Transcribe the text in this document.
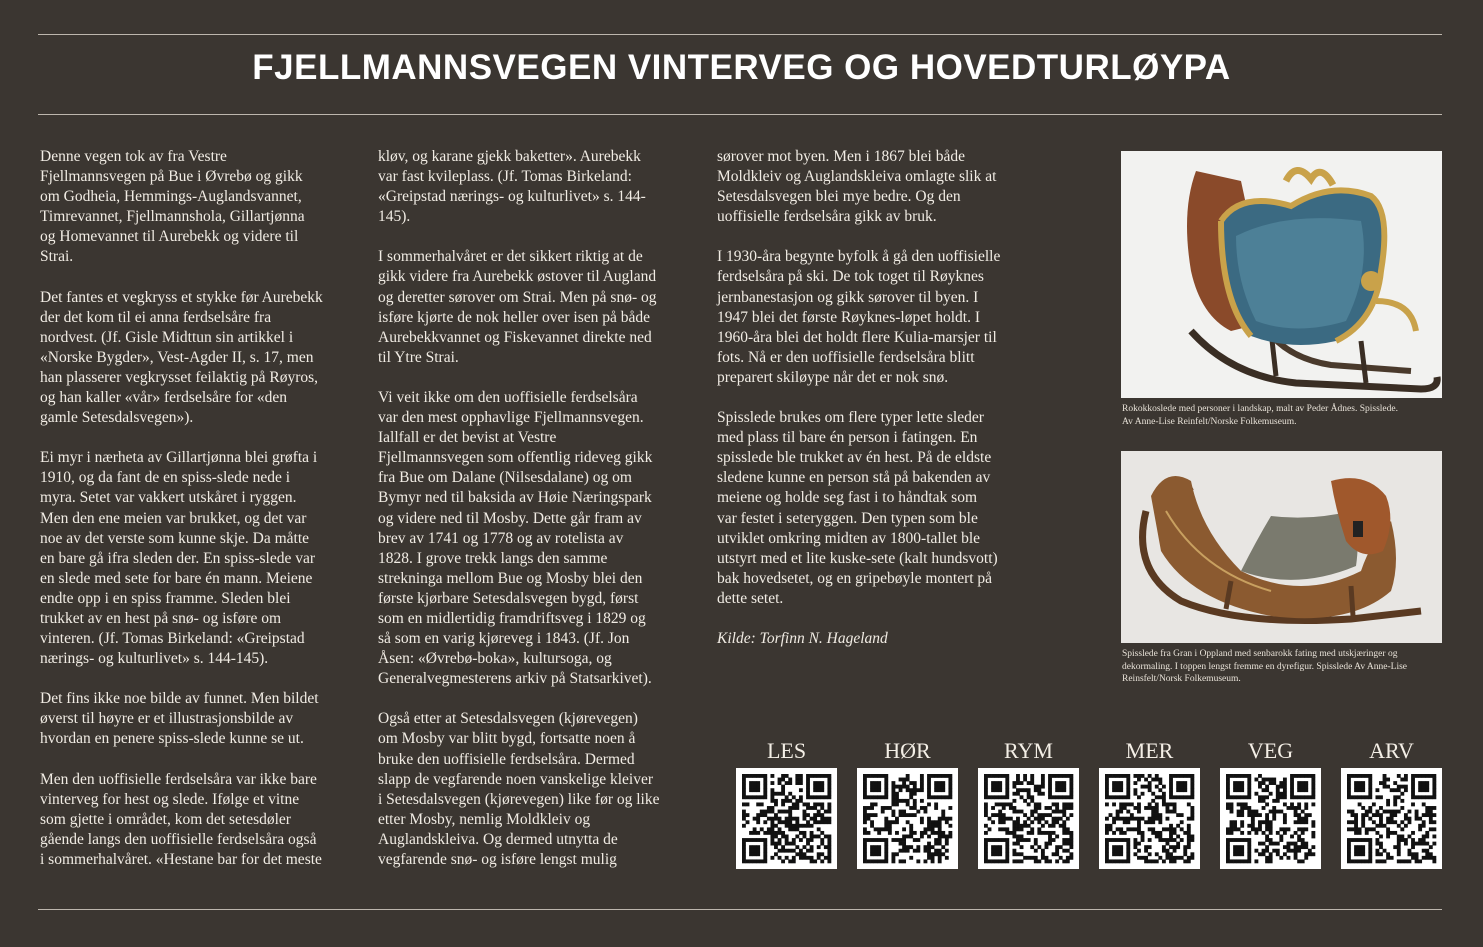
FJELLMANNSVEGEN VINTERVEG OG HOVEDTURLØYPA

Denne vegen tok av fra Vestre
Fjellmannsvegen på Bue i Øvrebø og gikk
om Godheia, Hemmings-Auglandsvannet,
Timrevannet, Fjellmannshola, Gillartjønna
og Homevannet til Aurebekk og videre til
Strai.

Det fantes et vegkryss et stykke før Aurebekk
der det kom til ei anna ferdselsåre fra
nordvest. (Jf. Gisle Midttun sin artikkel i
«Norske Bygder», Vest-Agder II, s. 17, men
han plasserer vegkrysset feilaktig på Røyros,
og han kaller «vår» ferdselsåre for «den
gamle Setesdalsvegen»).

Ei myr i nærheta av Gillartjønna blei grøfta i
1910, og da fant de en spiss-slede nede i
myra. Setet var vakkert utskåret i ryggen.
Men den ene meien var brukket, og det var
noe av det verste som kunne skje. Da måtte
en bare gå ifra sleden der. En spiss-slede var
en slede med sete for bare én mann. Meiene
endte opp i en spiss framme. Sleden blei
trukket av en hest på snø- og isføre om
vinteren. (Jf. Tomas Birkeland: «Greipstad
nærings- og kulturlivet» s. 144-145).

Det fins ikke noe bilde av funnet. Men bildet
øverst til høyre er et illustrasjonsbilde av
hvordan en penere spiss-slede kunne se ut.

Men den uoffisielle ferdselsåra var ikke bare
vinterveg for hest og slede. Ifølge et vitne
som gjette i området, kom det setesdøler
gående langs den uoffisielle ferdselsåra også
i sommerhalvåret. «Hestane bar for det meste

kløv, og karane gjekk baketter». Aurebekk
var fast kvileplass. (Jf. Tomas Birkeland:
«Greipstad nærings- og kulturlivet» s. 144-
145).

I sommerhalvåret er det sikkert riktig at de
gikk videre fra Aurebekk østover til Augland
og deretter sørover om Strai. Men på snø- og
isføre kjørte de nok heller over isen på både
Aurebekkvannet og Fiskevannet direkte ned
til Ytre Strai.

Vi veit ikke om den uoffisielle ferdselsåra
var den mest opphavlige Fjellmannsvegen.
Iallfall er det bevist at Vestre
Fjellmannsvegen som offentlig rideveg gikk
fra Bue om Dalane (Nilsesdalane) og om
Bymyr ned til baksida av Høie Næringspark
og videre ned til Mosby. Dette går fram av
brev av 1741 og 1778 og av rotelista av
1828. I grove trekk langs den samme
strekninga mellom Bue og Mosby blei den
første kjørbare Setesdalsvegen bygd, først
som en midlertidig framdriftsveg i 1829 og
så som en varig kjøreveg i 1843. (Jf. Jon
Åsen: «Øvrebø-boka», kultursoga, og
Generalvegmesterens arkiv på Statsarkivet).

Også etter at Setesdalsvegen (kjørevegen)
om Mosby var blitt bygd, fortsatte noen å
bruke den uoffisielle ferdselsåra. Dermed
slapp de vegfarende noen vanskelige kleiver
i Setesdalsvegen (kjørevegen) like før og like
etter Mosby, nemlig Moldkleiv og
Auglandskleiva. Og dermed utnytta de
vegfarende snø- og isføre lengst mulig

sørover mot byen. Men i 1867 blei både
Moldkleiv og Auglandskleiva omlagte slik at
Setesdalsvegen blei mye bedre. Og den
uoffisielle ferdselsåra gikk av bruk.

I 1930-åra begynte byfolk å gå den uoffisielle
ferdselsåra på ski. De tok toget til Røyknes
jernbanestasjon og gikk sørover til byen. I
1947 blei det første Røyknes-løpet holdt. I
1960-åra blei det holdt flere Kulia-marsjer til
fots. Nå er den uoffisielle ferdselsåra blitt
preparert skiløype når det er nok snø.

Spisslede brukes om flere typer lette sleder
med plass til bare én person i fatingen. En
spisslede ble trukket av én hest. På de eldste
sledene kunne en person stå på bakenden av
meiene og holde seg fast i to håndtak som
var festet i seteryggen. Den typen som ble
utviklet omkring midten av 1800-tallet ble
utstyrt med et lite kuske-sete (kalt hundsvott)
bak hovedsetet, og en gripebøyle montert på
dette setet.

Kilde: Torfinn N. Hageland

Rokokkoslede med personer i landskap, malt av Peder Ådnes. Spisslede.
Av Anne-Lise Reinfelt/Norske Folkemuseum.
Spisslede fra Gran i Oppland med senbarokk fating med utskjæringer og
dekormaling. I toppen lengst fremme en dyrefigur. Spisslede Av Anne-Lise
Reinsfelt/Norsk Folkemuseum.
LES	HØR	RYM	MER	VEG	ARV
